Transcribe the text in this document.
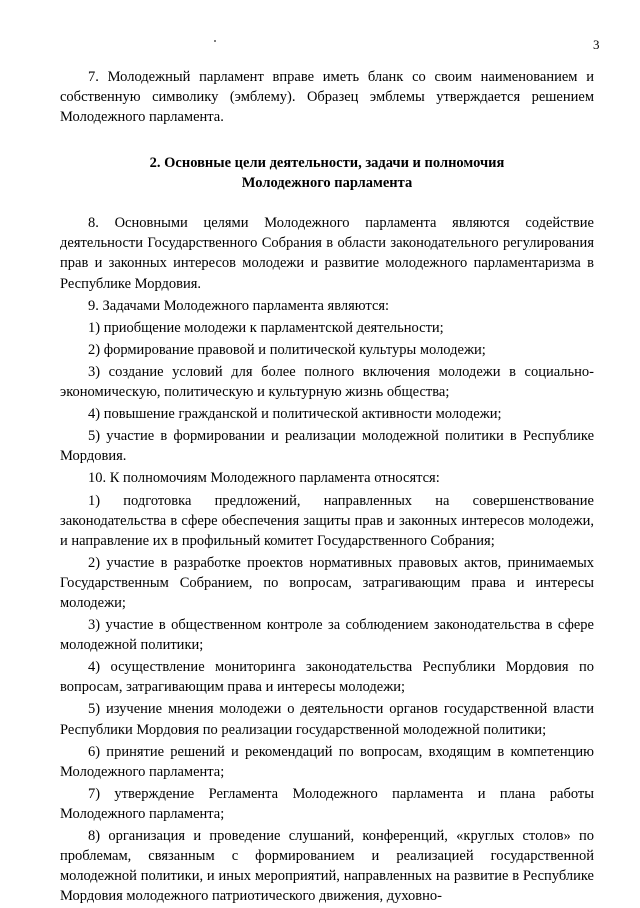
3

7. Молодежный парламент вправе иметь бланк со своим наименованием и собственную символику (эмблему). Образец эмблемы утверждается решением Молодежного парламента.

2. Основные цели деятельности, задачи и полномочия
Молодежного парламента

8. Основными целями Молодежного парламента являются содействие деятельности Государственного Собрания в области законодательного регулирования прав и законных интересов молодежи и развитие молодежного парламентаризма в Республике Мордовия.

9. Задачами Молодежного парламента являются:

1) приобщение молодежи к парламентской деятельности;

2) формирование правовой и политической культуры молодежи;

3) создание условий для более полного включения молодежи в социально-экономическую, политическую и культурную жизнь общества;

4) повышение гражданской и политической активности молодежи;

5) участие в формировании и реализации молодежной политики в Республике Мордовия.

10. К полномочиям Молодежного парламента относятся:

1) подготовка предложений, направленных на совершенствование законодательства в сфере обеспечения защиты прав и законных интересов молодежи, и направление их в профильный комитет Государственного Собрания;

2) участие в разработке проектов нормативных правовых актов, принимаемых Государственным Собранием, по вопросам, затрагивающим права и интересы молодежи;

3) участие в общественном контроле за соблюдением законодательства в сфере молодежной политики;

4) осуществление мониторинга законодательства Республики Мордовия по вопросам, затрагивающим права и интересы молодежи;

5) изучение мнения молодежи о деятельности органов государственной власти Республики Мордовия по реализации государственной молодежной политики;

6) принятие решений и рекомендаций по вопросам, входящим в компетенцию Молодежного парламента;

7) утверждение Регламента Молодежного парламента и плана работы Молодежного парламента;

8) организация и проведение слушаний, конференций, «круглых столов» по проблемам, связанным с формированием и реализацией государственной молодежной политики, и иных мероприятий, направленных на развитие в Республике Мордовия молодежного патриотического движения, духовно-
